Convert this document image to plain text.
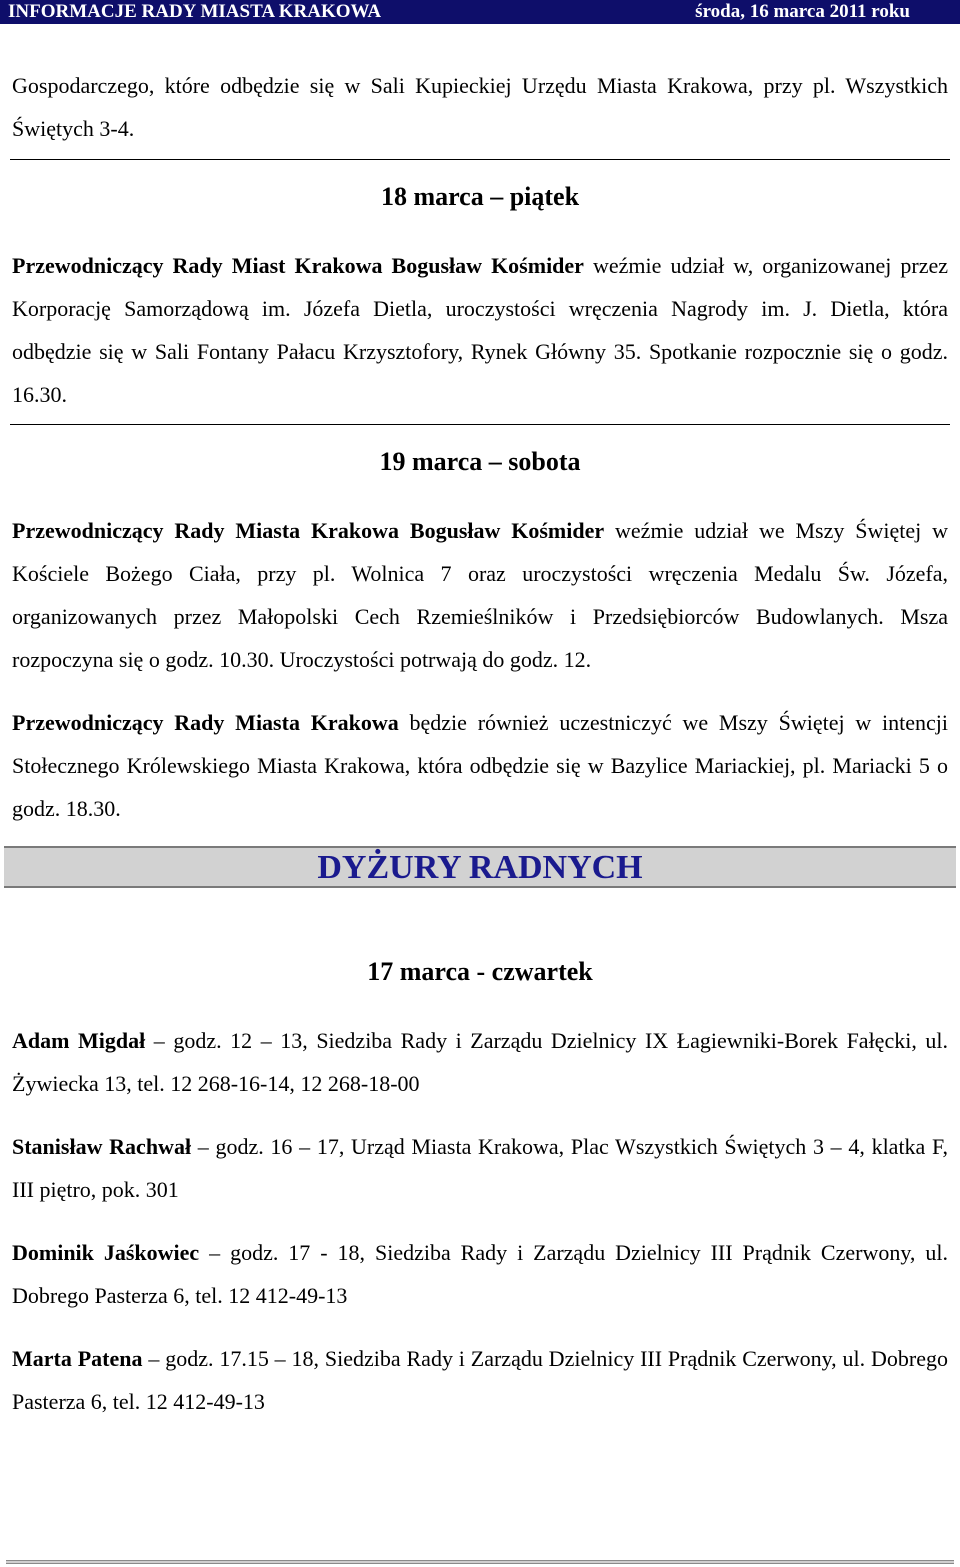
INFORMACJE RADY MIASTA KRAKOWA	środa, 16 marca 2011 roku

Gospodarczego, które odbędzie się w Sali Kupieckiej Urzędu Miasta Krakowa, przy pl. Wszystkich Świętych 3-4.

18 marca – piątek

Przewodniczący Rady Miast Krakowa Bogusław Kośmider weźmie udział w, organizowanej przez Korporację Samorządową im. Józefa Dietla, uroczystości wręczenia Nagrody im. J. Dietla, która odbędzie się w Sali Fontany Pałacu Krzysztofory, Rynek Główny 35. Spotkanie rozpocznie się o godz. 16.30.

19 marca – sobota

Przewodniczący Rady Miasta Krakowa Bogusław Kośmider weźmie udział we Mszy Świętej w Kościele Bożego Ciała, przy pl. Wolnica 7 oraz uroczystości wręczenia Medalu Św. Józefa, organizowanych przez Małopolski Cech Rzemieślników i Przedsiębiorców Budowlanych. Msza rozpoczyna się o godz. 10.30. Uroczystości potrwają do godz. 12.

Przewodniczący Rady Miasta Krakowa będzie również uczestniczyć we Mszy Świętej w intencji Stołecznego Królewskiego Miasta Krakowa, która odbędzie się w Bazylice Mariackiej, pl. Mariacki 5 o godz. 18.30.

DYŻURY RADNYCH
17 marca - czwartek

Adam Migdał – godz. 12 – 13, Siedziba Rady i Zarządu Dzielnicy IX Łagiewniki-Borek Fałęcki, ul. Żywiecka 13, tel. 12 268-16-14, 12 268-18-00

Stanisław Rachwał – godz. 16 – 17, Urząd Miasta Krakowa, Plac Wszystkich Świętych 3 – 4, klatka F, III piętro, pok. 301

Dominik Jaśkowiec – godz. 17 - 18, Siedziba Rady i Zarządu Dzielnicy III Prądnik Czerwony, ul. Dobrego Pasterza 6, tel. 12 412-49-13

Marta Patena – godz. 17.15 – 18, Siedziba Rady i Zarządu Dzielnicy III Prądnik Czerwony, ul. Dobrego Pasterza 6, tel. 12 412-49-13
